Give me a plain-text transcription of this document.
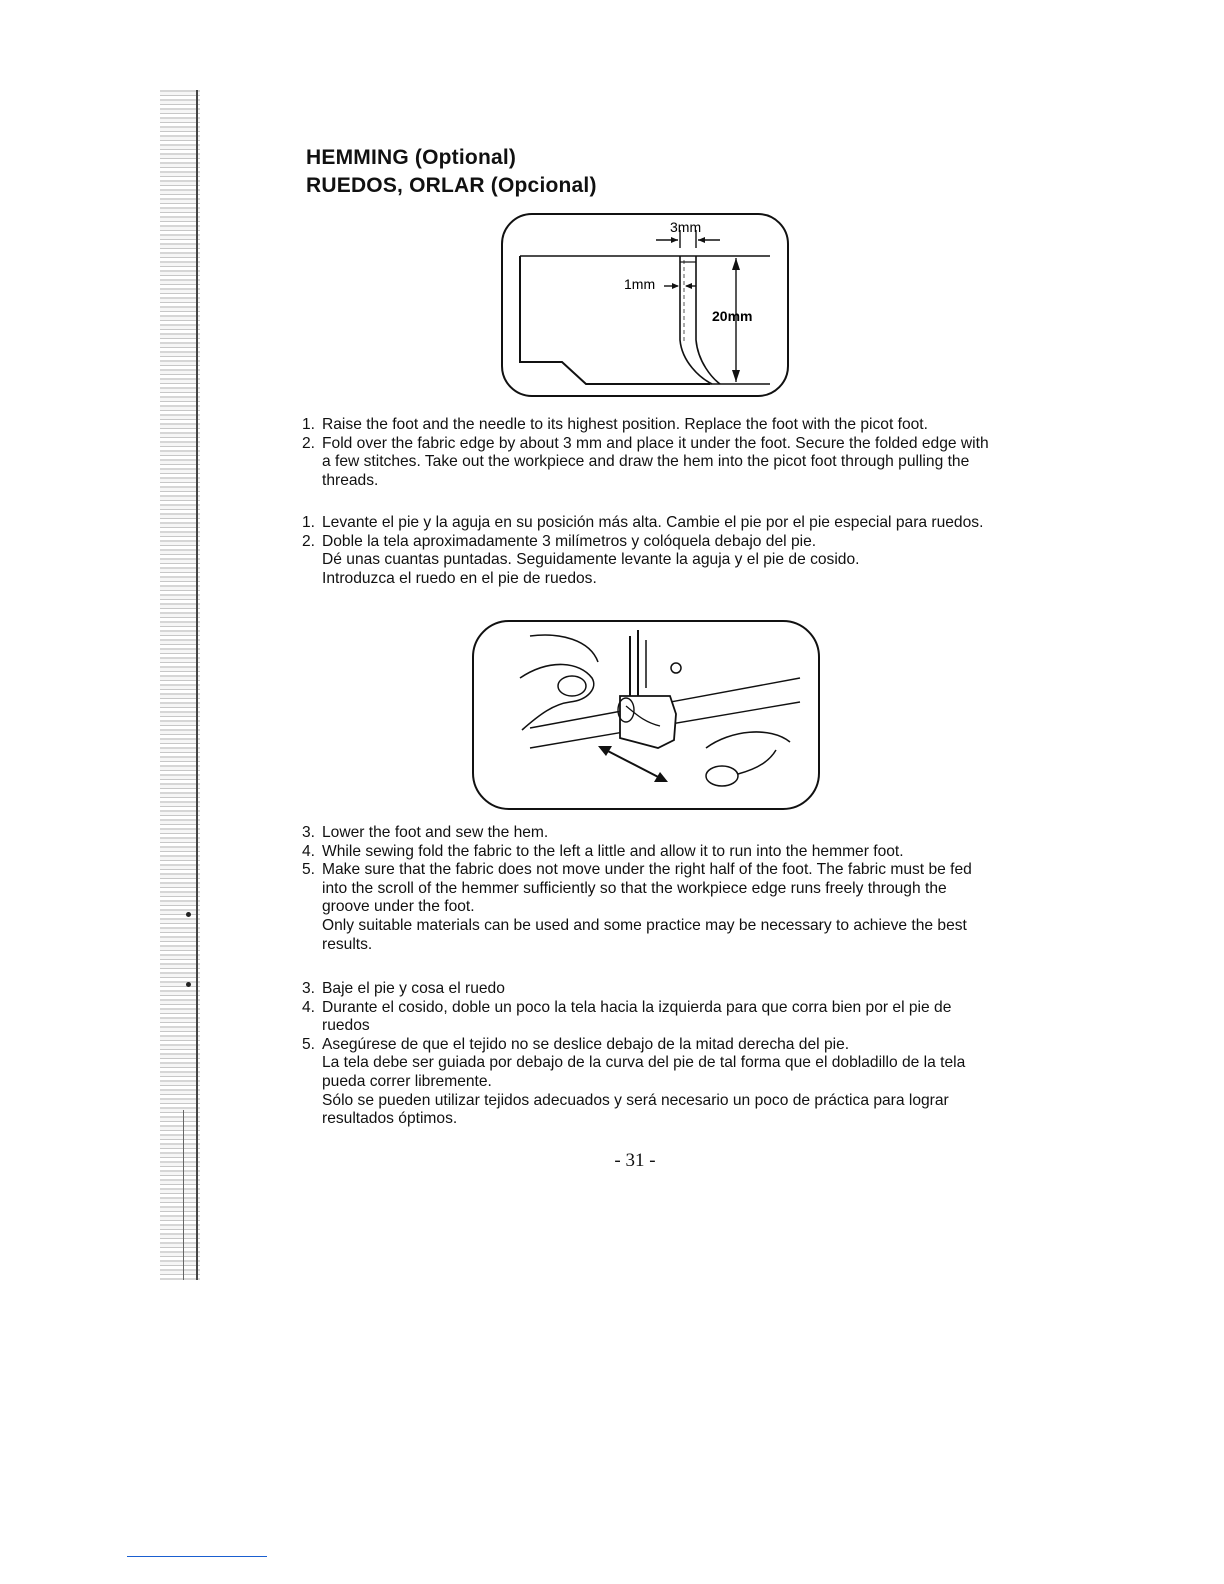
HEMMING (Optional)
RUEDOS, ORLAR (Opcional)
3mm
1mm
20mm
1. Raise the foot and the needle to its highest position. Replace the foot with the picot foot.
2. Fold over the fabric edge by about 3 mm and place it under the foot. Secure the folded edge with a few stitches. Take out the workpiece and draw the hem into the picot foot through pulling the threads.
1. Levante el pie y la aguja en su posición más alta. Cambie el pie por el pie especial para ruedos.
2. Doble la tela aproximadamente 3 milímetros y colóquela debajo del pie.
Dé unas cuantas puntadas. Seguidamente levante la aguja y el pie de cosido.
Introduzca el ruedo en el pie de ruedos.
3. Lower the foot and sew the hem.
4. While sewing fold the fabric to the left a little and allow it to run into the hemmer foot.
5. Make sure that the fabric does not move under the right half of the foot. The fabric must be fed into the scroll of the hemmer sufficiently so that the workpiece edge runs freely through the groove under the foot.
Only suitable materials can be used and some practice may be necessary to achieve the best results.
3. Baje el pie y cosa el ruedo
4. Durante el cosido, doble un poco la tela hacia la izquierda para que corra bien por el pie de ruedos
5. Asegúrese de que el tejido no se deslice debajo de la mitad derecha del pie.
La tela debe ser guiada por debajo de la curva del pie de tal forma que el dobladillo de la tela pueda correr libremente.
Sólo se pueden utilizar tejidos adecuados y será necesario un poco de práctica para lograr resultados óptimos.
- 31 -
